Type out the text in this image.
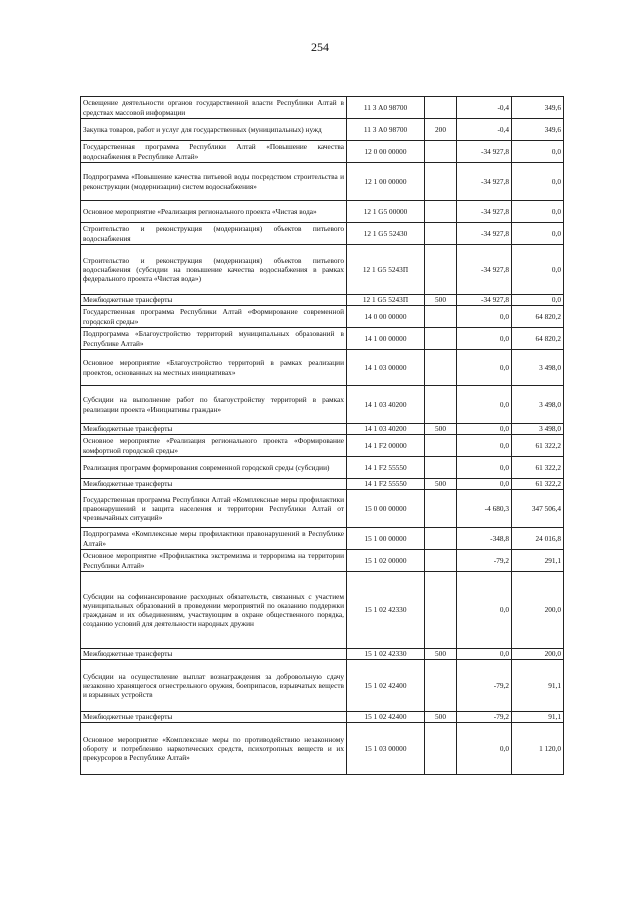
254
Освещение деятельности органов государственной власти Республики Алтай в средствах массовой информации	11 3 А0 98700		-0,4	349,6
Закупка товаров, работ и услуг для государственных (муниципальных) нужд	11 3 А0 98700	200	-0,4	349,6
Государственная программа Республики Алтай «Повышение качества водоснабжения в Республике Алтай»	12 0 00 00000		-34 927,8	0,0
Подпрограмма «Повышение качества питьевой воды посредством строительства и реконструкции (модернизации) систем водоснабжения»	12 1 00 00000		-34 927,8	0,0
Основное мероприятие «Реализация регионального проекта «Чистая вода»	12 1 G5 00000		-34 927,8	0,0
Строительство и реконструкция (модернизация) объектов питьевого водоснабжения	12 1 G5 52430		-34 927,8	0,0
Строительство и реконструкция (модернизация) объектов питьевого водоснабжения (субсидии на повышение качества водоснабжения в рамках федерального проекта «Чистая вода»)	12 1 G5 5243П		-34 927,8	0,0
Межбюджетные трансферты	12 1 G5 5243П	500	-34 927,8	0,0
Государственная программа Республики Алтай «Формирование современной городской среды»	14 0 00 00000		0,0	64 820,2
Подпрограмма «Благоустройство территорий муниципальных образований в Республике Алтай»	14 1 00 00000		0,0	64 820,2
Основное мероприятие «Благоустройство территорий в рамках реализации проектов, основанных на местных инициативах»	14 1 03 00000		0,0	3 498,0
Субсидии на выполнение работ по благоустройству территорий в рамках реализации проекта «Инициативы граждан»	14 1 03 40200		0,0	3 498,0
Межбюджетные трансферты	14 1 03 40200	500	0,0	3 498,0
Основное мероприятие «Реализация регионального проекта «Формирование комфортной городской среды»	14 1 F2 00000		0,0	61 322,2
Реализация программ формирования современной городской среды (субсидии)	14 1 F2 55550		0,0	61 322,2
Межбюджетные трансферты	14 1 F2 55550	500	0,0	61 322,2
Государственная программа Республики Алтай «Комплексные меры профилактики правонарушений и защита населения и территории Республики Алтай от чрезвычайных ситуаций»	15 0 00 00000		-4 680,3	347 506,4
Подпрограмма «Комплексные меры профилактики правонарушений в Республике Алтай»	15 1 00 00000		-348,8	24 016,8
Основное мероприятие «Профилактика экстремизма и терроризма на территории Республики Алтай»	15 1 02 00000		-79,2	291,1
Субсидии на софинансирование расходных обязательств, связанных с участием муниципальных образований в проведении мероприятий по оказанию поддержки гражданам и их объединениям, участвующим в охране общественного порядка, созданию условий для деятельности народных дружин	15 1 02 42330		0,0	200,0
Межбюджетные трансферты	15 1 02 42330	500	0,0	200,0
Субсидии на осуществление выплат вознаграждения за добровольную сдачу незаконно хранящегося огнестрельного оружия, боеприпасов, взрывчатых веществ и взрывных устройств	15 1 02 42400		-79,2	91,1
Межбюджетные трансферты	15 1 02 42400	500	-79,2	91,1
Основное мероприятие «Комплексные меры по противодействию незаконному обороту и потреблению наркотических средств, психотропных веществ и их прекурсоров в Республике Алтай»	15 1 03 00000		0,0	1 120,0
